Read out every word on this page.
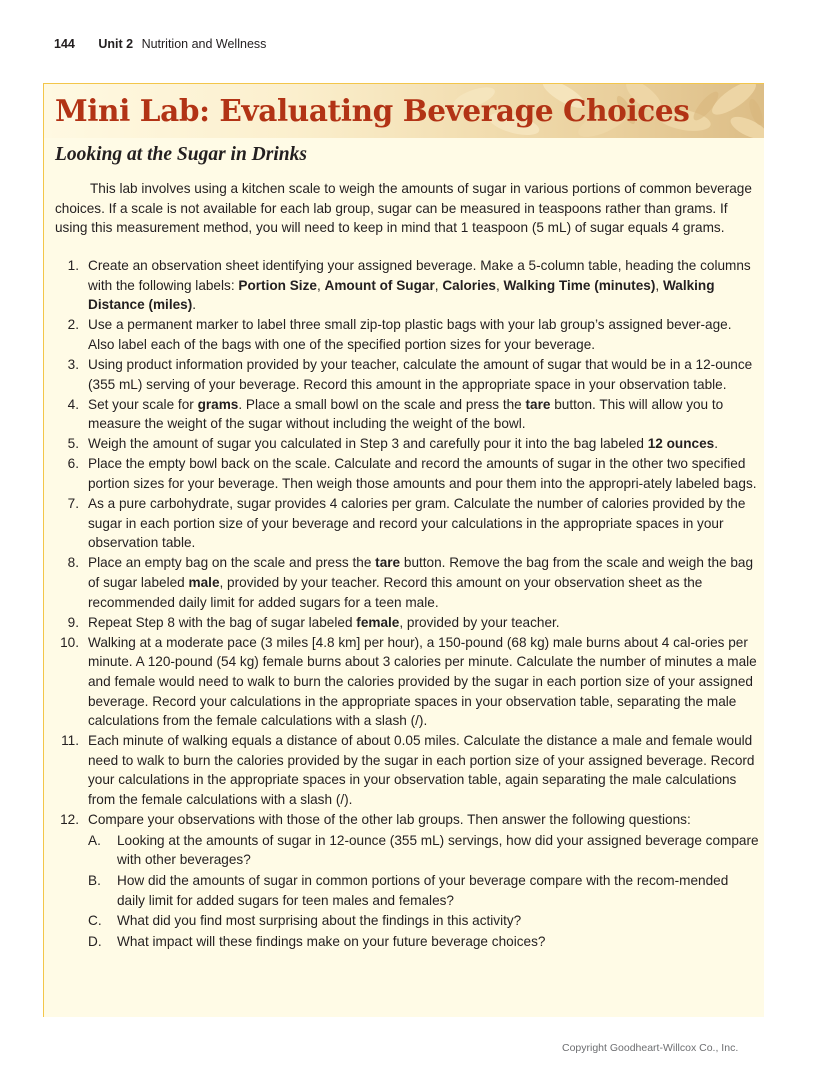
144 Unit 2 Nutrition and Wellness
Mini Lab: Evaluating Beverage Choices
Looking at the Sugar in Drinks

This lab involves using a kitchen scale to weigh the amounts of sugar in various portions of common beverage choices. If a scale is not available for each lab group, sugar can be measured in teaspoons rather than grams. If using this measurement method, you will need to keep in mind that 1 teaspoon (5 mL) of sugar equals 4 grams.

1. Create an observation sheet identifying your assigned beverage. Make a 5-column table, heading the columns with the following labels: Portion Size, Amount of Sugar, Calories, Walking Time (minutes), Walking Distance (miles).
2. Use a permanent marker to label three small zip-top plastic bags with your lab group’s assigned bever-age. Also label each of the bags with one of the specified portion sizes for your beverage.
3. Using product information provided by your teacher, calculate the amount of sugar that would be in a 12-ounce (355 mL) serving of your beverage. Record this amount in the appropriate space in your observation table.
4. Set your scale for grams. Place a small bowl on the scale and press the tare button. This will allow you to measure the weight of the sugar without including the weight of the bowl.
5. Weigh the amount of sugar you calculated in Step 3 and carefully pour it into the bag labeled 12 ounces.
6. Place the empty bowl back on the scale. Calculate and record the amounts of sugar in the other two specified portion sizes for your beverage. Then weigh those amounts and pour them into the appropri-ately labeled bags.
7. As a pure carbohydrate, sugar provides 4 calories per gram. Calculate the number of calories provided by the sugar in each portion size of your beverage and record your calculations in the appropriate spaces in your observation table.
8. Place an empty bag on the scale and press the tare button. Remove the bag from the scale and weigh the bag of sugar labeled male, provided by your teacher. Record this amount on your observation sheet as the recommended daily limit for added sugars for a teen male.
9. Repeat Step 8 with the bag of sugar labeled female, provided by your teacher.
10. Walking at a moderate pace (3 miles [4.8 km] per hour), a 150-pound (68 kg) male burns about 4 cal-ories per minute. A 120-pound (54 kg) female burns about 3 calories per minute. Calculate the number of minutes a male and female would need to walk to burn the calories provided by the sugar in each portion size of your assigned beverage. Record your calculations in the appropriate spaces in your observation table, separating the male calculations from the female calculations with a slash (/).
11. Each minute of walking equals a distance of about 0.05 miles. Calculate the distance a male and female would need to walk to burn the calories provided by the sugar in each portion size of your assigned beverage. Record your calculations in the appropriate spaces in your observation table, again separating the male calculations from the female calculations with a slash (/).
12. Compare your observations with those of the other lab groups. Then answer the following questions:
A. Looking at the amounts of sugar in 12-ounce (355 mL) servings, how did your assigned beverage compare with other beverages?
B. How did the amounts of sugar in common portions of your beverage compare with the recom-mended daily limit for added sugars for teen males and females?
C. What did you find most surprising about the findings in this activity?
D. What impact will these findings make on your future beverage choices?
Copyright Goodheart-Willcox Co., Inc.
